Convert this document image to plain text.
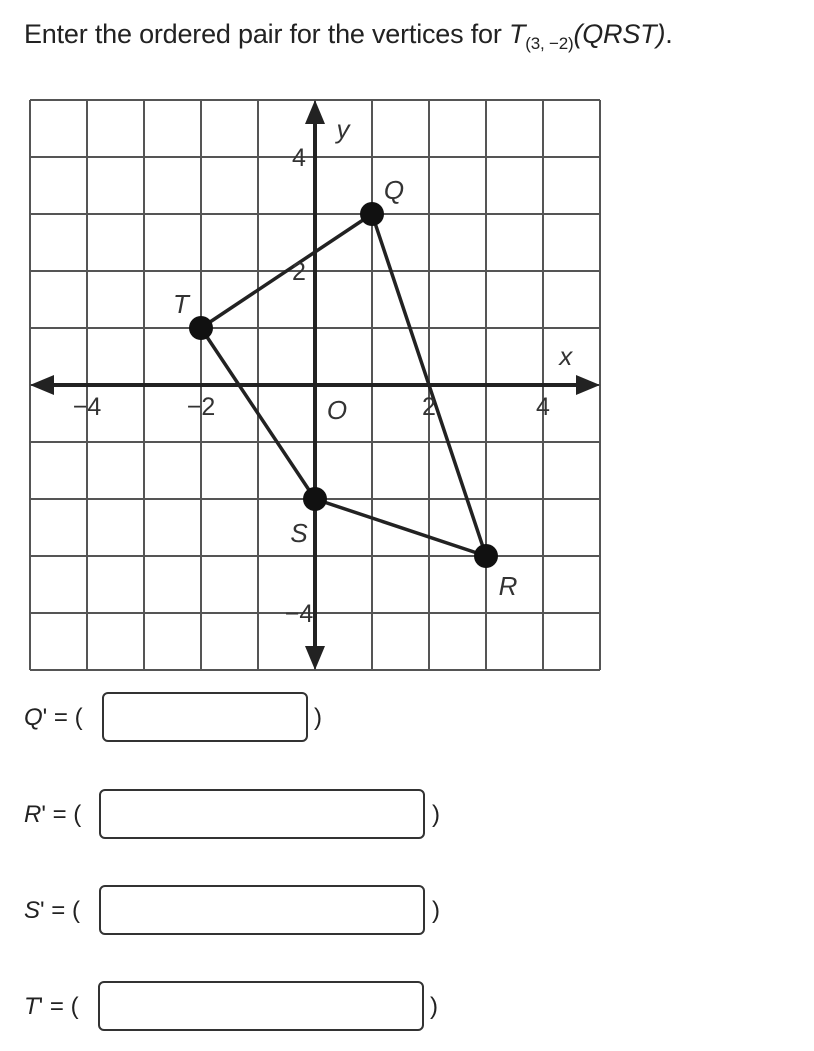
Enter the ordered pair for the vertices for $T_{(3, -2)}(QRST)$.
−4	−2	2	4
4
2
−4
O
x
y
Q
R
S
T
Q' = (	)
R' = (	)
S' = (	)
T' = (	)
